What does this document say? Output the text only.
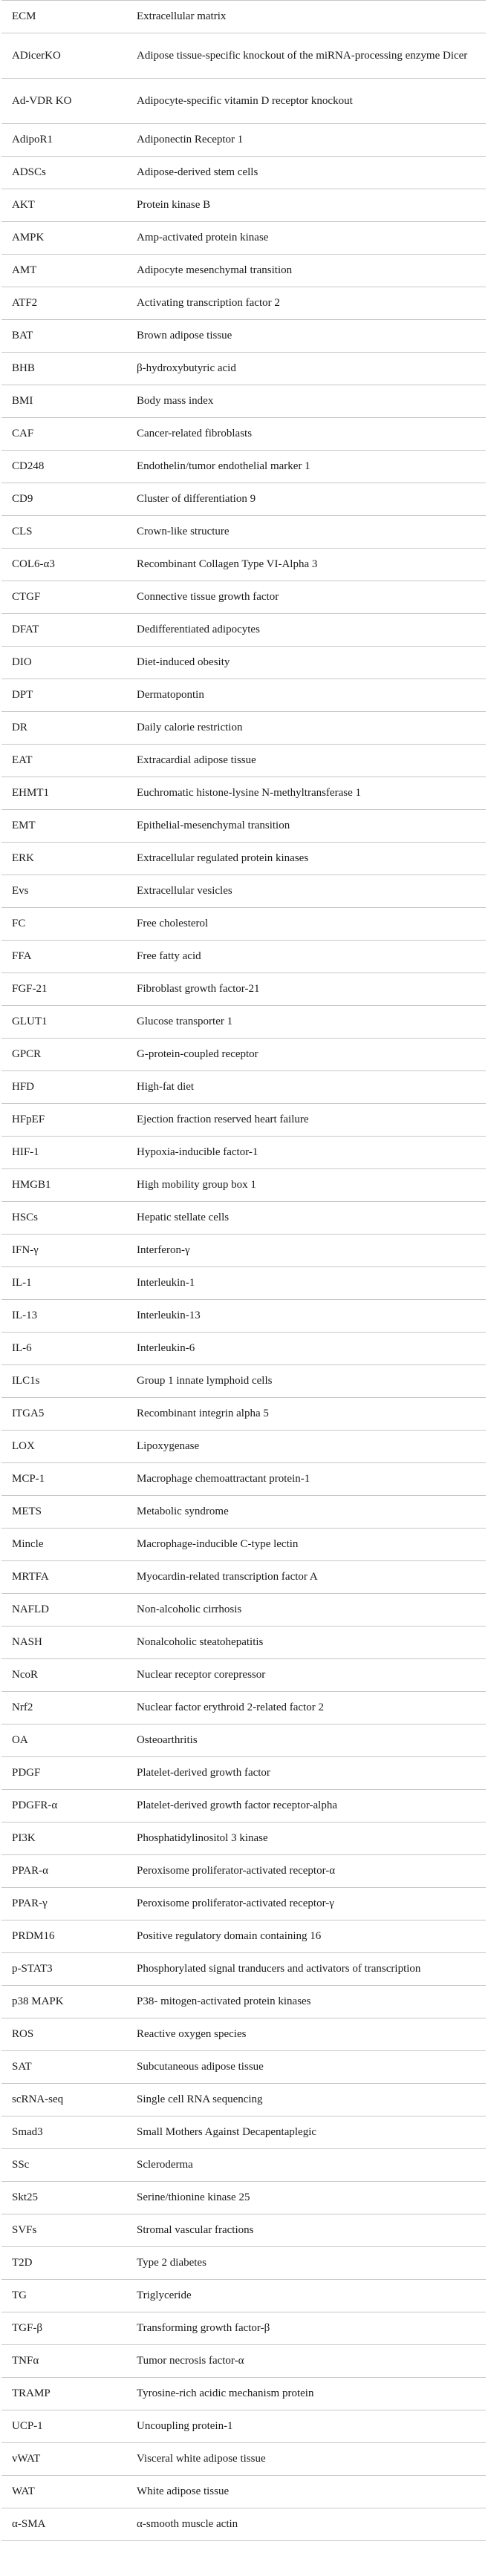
ECM	Extracellular matrix
ADicerKO	Adipose tissue-specific knockout of the miRNA-processing enzyme Dicer
Ad-VDR KO	Adipocyte-specific vitamin D receptor knockout
AdipoR1	Adiponectin Receptor 1
ADSCs	Adipose-derived stem cells
AKT	Protein kinase B
AMPK	Amp-activated protein kinase
AMT	Adipocyte mesenchymal transition
ATF2	Activating transcription factor 2
BAT	Brown adipose tissue
BHB	β-hydroxybutyric acid
BMI	Body mass index
CAF	Cancer-related fibroblasts
CD248	Endothelin/tumor endothelial marker 1
CD9	Cluster of differentiation 9
CLS	Crown-like structure
COL6-α3	Recombinant Collagen Type VI-Alpha 3
CTGF	Connective tissue growth factor
DFAT	Dedifferentiated adipocytes
DIO	Diet-induced obesity
DPT	Dermatopontin
DR	Daily calorie restriction
EAT	Extracardial adipose tissue
EHMT1	Euchromatic histone-lysine N-methyltransferase 1
EMT	Epithelial-mesenchymal transition
ERK	Extracellular regulated protein kinases
Evs	Extracellular vesicles
FC	Free cholesterol
FFA	Free fatty acid
FGF-21	Fibroblast growth factor-21
GLUT1	Glucose transporter 1
GPCR	G-protein-coupled receptor
HFD	High-fat diet
HFpEF	Ejection fraction reserved heart failure
HIF-1	Hypoxia-inducible factor-1
HMGB1	High mobility group box 1
HSCs	Hepatic stellate cells
IFN-γ	Interferon-γ
IL-1	Interleukin-1
IL-13	Interleukin-13
IL-6	Interleukin-6
ILC1s	Group 1 innate lymphoid cells
ITGA5	Recombinant integrin alpha 5
LOX	Lipoxygenase
MCP-1	Macrophage chemoattractant protein-1
METS	Metabolic syndrome
Mincle	Macrophage-inducible C-type lectin
MRTFA	Myocardin-related transcription factor A
NAFLD	Non-alcoholic cirrhosis
NASH	Nonalcoholic steatohepatitis
NcoR	Nuclear receptor corepressor
Nrf2	Nuclear factor erythroid 2-related factor 2
OA	Osteoarthritis
PDGF	Platelet-derived growth factor
PDGFR-α	Platelet-derived growth factor receptor-alpha
PI3K	Phosphatidylinositol 3 kinase
PPAR-α	Peroxisome proliferator-activated receptor-α
PPAR-γ	Peroxisome proliferator-activated receptor-γ
PRDM16	Positive regulatory domain containing 16
p-STAT3	Phosphorylated signal tranducers and activators of transcription
p38 MAPK	P38- mitogen-activated protein kinases
ROS	Reactive oxygen species
SAT	Subcutaneous adipose tissue
scRNA-seq	Single cell RNA sequencing
Smad3	Small Mothers Against Decapentaplegic
SSc	Scleroderma
Skt25	Serine/thionine kinase 25
SVFs	Stromal vascular fractions
T2D	Type 2 diabetes
TG	Triglyceride
TGF-β	Transforming growth factor-β
TNFα	Tumor necrosis factor-α
TRAMP	Tyrosine-rich acidic mechanism protein
UCP-1	Uncoupling protein-1
vWAT	Visceral white adipose tissue
WAT	White adipose tissue
α-SMA	α-smooth muscle actin
